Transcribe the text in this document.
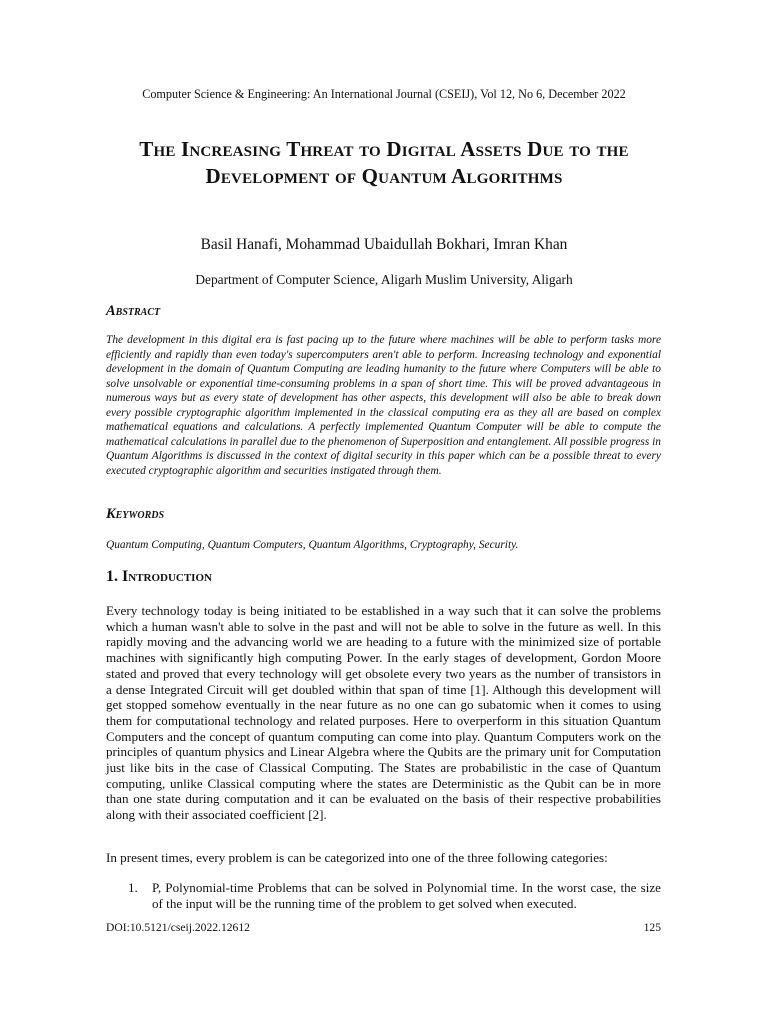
Computer Science & Engineering: An International Journal (CSEIJ), Vol 12, No 6, December 2022
The Increasing Threat to Digital Assets Due to the Development of Quantum Algorithms
Basil Hanafi, Mohammad Ubaidullah Bokhari, Imran Khan
Department of Computer Science, Aligarh Muslim University, Aligarh
Abstract
The development in this digital era is fast pacing up to the future where machines will be able to perform tasks more efficiently and rapidly than even today's supercomputers aren't able to perform. Increasing technology and exponential development in the domain of Quantum Computing are leading humanity to the future where Computers will be able to solve unsolvable or exponential time-consuming problems in a span of short time. This will be proved advantageous in numerous ways but as every state of development has other aspects, this development will also be able to break down every possible cryptographic algorithm implemented in the classical computing era as they all are based on complex mathematical equations and calculations. A perfectly implemented Quantum Computer will be able to compute the mathematical calculations in parallel due to the phenomenon of Superposition and entanglement. All possible progress in Quantum Algorithms is discussed in the context of digital security in this paper which can be a possible threat to every executed cryptographic algorithm and securities instigated through them.
Keywords
Quantum Computing, Quantum Computers, Quantum Algorithms, Cryptography, Security.
1. Introduction
Every technology today is being initiated to be established in a way such that it can solve the problems which a human wasn't able to solve in the past and will not be able to solve in the future as well. In this rapidly moving and the advancing world we are heading to a future with the minimized size of portable machines with significantly high computing Power. In the early stages of development, Gordon Moore stated and proved that every technology will get obsolete every two years as the number of transistors in a dense Integrated Circuit will get doubled within that span of time [1]. Although this development will get stopped somehow eventually in the near future as no one can go subatomic when it comes to using them for computational technology and related purposes. Here to overperform in this situation Quantum Computers and the concept of quantum computing can come into play. Quantum Computers work on the principles of quantum physics and Linear Algebra where the Qubits are the primary unit for Computation just like bits in the case of Classical Computing. The States are probabilistic in the case of Quantum computing, unlike Classical computing where the states are Deterministic as the Qubit can be in more than one state during computation and it can be evaluated on the basis of their respective probabilities along with their associated coefficient [2].
In present times, every problem is can be categorized into one of the three following categories:
1.	P, Polynomial-time Problems that can be solved in Polynomial time. In the worst case, the size of the input will be the running time of the problem to get solved when executed.
DOI:10.5121/cseij.2022.12612	125
